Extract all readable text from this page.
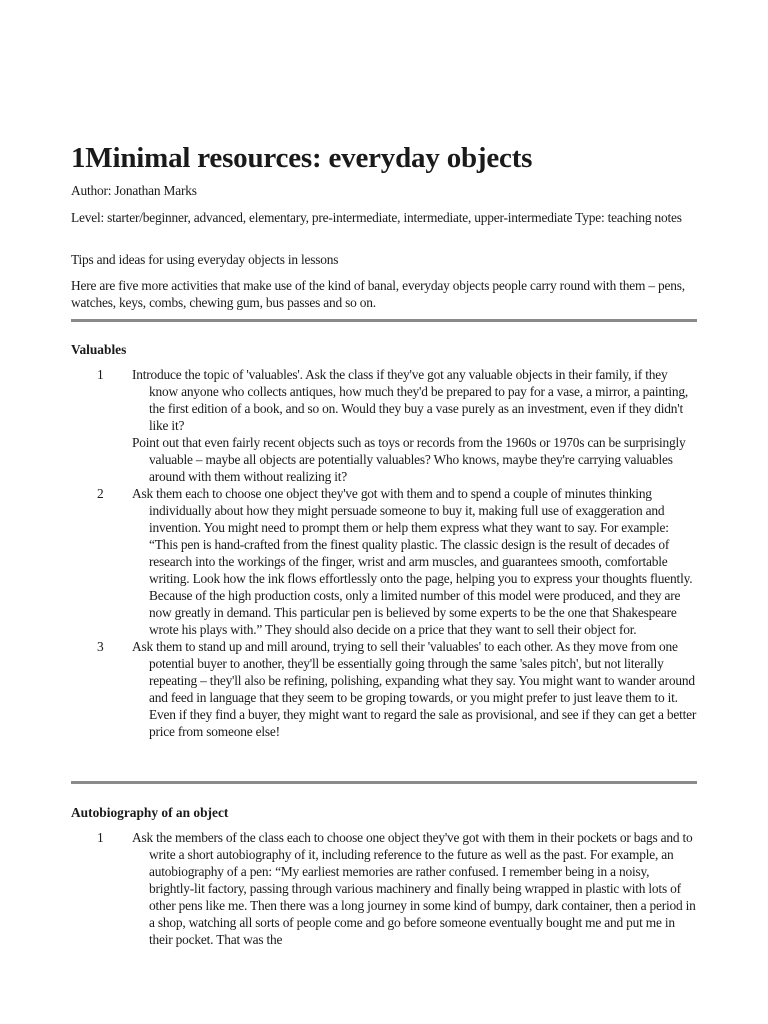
1Minimal resources: everyday objects

Author: Jonathan Marks

Level: starter/beginner, advanced, elementary, pre-intermediate, intermediate, upper-intermediate Type: teaching notes

Tips and ideas for using everyday objects in lessons

Here are five more activities that make use of the kind of banal, everyday objects people carry round with them – pens, watches, keys, combs, chewing gum, bus passes and so on.

Valuables
1 Introduce the topic of 'valuables'. Ask the class if they've got any valuable objects in their family, if they know anyone who collects antiques, how much they'd be prepared to pay for a vase, a mirror, a painting, the first edition of a book, and so on. Would they buy a vase purely as an investment, even if they didn't like it?

Point out that even fairly recent objects such as toys or records from the 1960s or 1970s can be surprisingly valuable – maybe all objects are potentially valuables? Who knows, maybe they're carrying valuables around with them without realizing it?

2 Ask them each to choose one object they've got with them and to spend a couple of minutes thinking individually about how they might persuade someone to buy it, making full use of exaggeration and invention. You might need to prompt them or help them express what they want to say. For example: “This pen is hand-crafted from the finest quality plastic. The classic design is the result of decades of research into the workings of the finger, wrist and arm muscles, and guarantees smooth, comfortable writing. Look how the ink flows effortlessly onto the page, helping you to express your thoughts fluently. Because of the high production costs, only a limited number of this model were produced, and they are now greatly in demand. This particular pen is believed by some experts to be the one that Shakespeare wrote his plays with.” They should also decide on a price that they want to sell their object for.

3 Ask them to stand up and mill around, trying to sell their 'valuables' to each other. As they move from one potential buyer to another, they'll be essentially going through the same 'sales pitch', but not literally repeating – they'll also be refining, polishing, expanding what they say. You might want to wander around and feed in language that they seem to be groping towards, or you might prefer to just leave them to it. Even if they find a buyer, they might want to regard the sale as provisional, and see if they can get a better price from someone else!

Autobiography of an object
1 Ask the members of the class each to choose one object they've got with them in their pockets or bags and to write a short autobiography of it, including reference to the future as well as the past. For example, an autobiography of a pen: “My earliest memories are rather confused. I remember being in a noisy, brightly-lit factory, passing through various machinery and finally being wrapped in plastic with lots of other pens like me. Then there was a long journey in some kind of bumpy, dark container, then a period in a shop, watching all sorts of people come and go before someone eventually bought me and put me in their pocket. That was the
